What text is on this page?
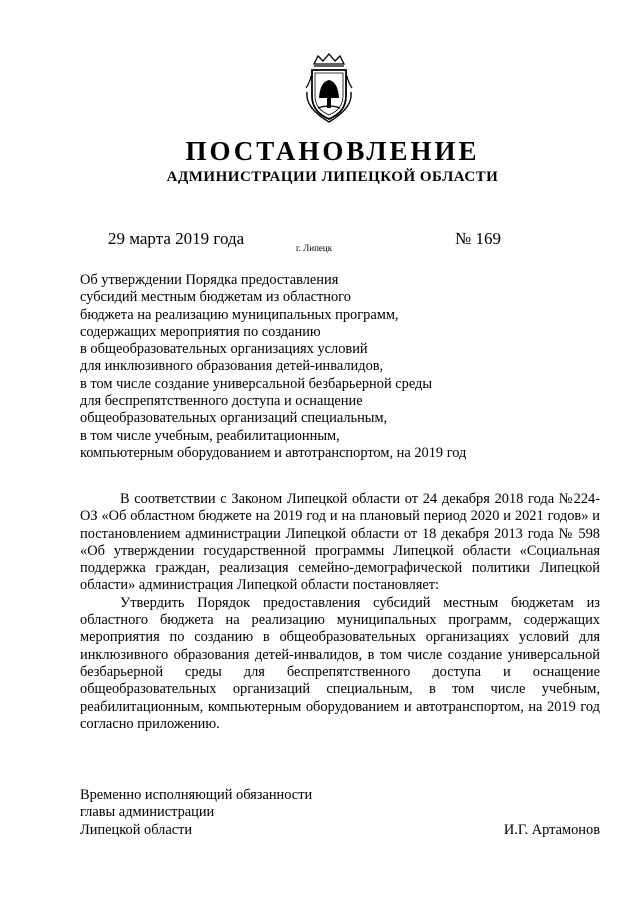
ПОСТАНОВЛЕНИЕ
АДМИНИСТРАЦИИ ЛИПЕЦКОЙ ОБЛАСТИ
29 марта 2019 года	г. Липецк	№ 169
Об утверждении Порядка предоставления
субсидий местным бюджетам из областного
бюджета на реализацию муниципальных программ,
содержащих мероприятия по созданию
в общеобразовательных организациях условий
для инклюзивного образования детей-инвалидов,
в том числе создание универсальной безбарьерной среды
для беспрепятственного доступа и оснащение
общеобразовательных организаций специальным,
в том числе учебным, реабилитационным,
компьютерным оборудованием и автотранспортом, на 2019 год

В соответствии с Законом Липецкой области от 24 декабря 2018 года №224-ОЗ «Об областном бюджете на 2019 год и на плановый период 2020 и 2021 годов» и постановлением администрации Липецкой области от 18 декабря 2013 года № 598 «Об утверждении государственной программы Липецкой области «Социальная поддержка граждан, реализация семейно-демографической политики Липецкой области» администрация Липецкой области постановляет:

Утвердить Порядок предоставления субсидий местным бюджетам из областного бюджета на реализацию муниципальных программ, содержащих мероприятия по созданию в общеобразовательных организациях условий для инклюзивного образования детей-инвалидов, в том числе создание универсальной безбарьерной среды для беспрепятственного доступа и оснащение общеобразовательных организаций специальным, в том числе учебным, реабилитационным, компьютерным оборудованием и автотранспортом, на 2019 год согласно приложению.

Временно исполняющий обязанности
главы администрации
Липецкой области	И.Г. Артамонов
